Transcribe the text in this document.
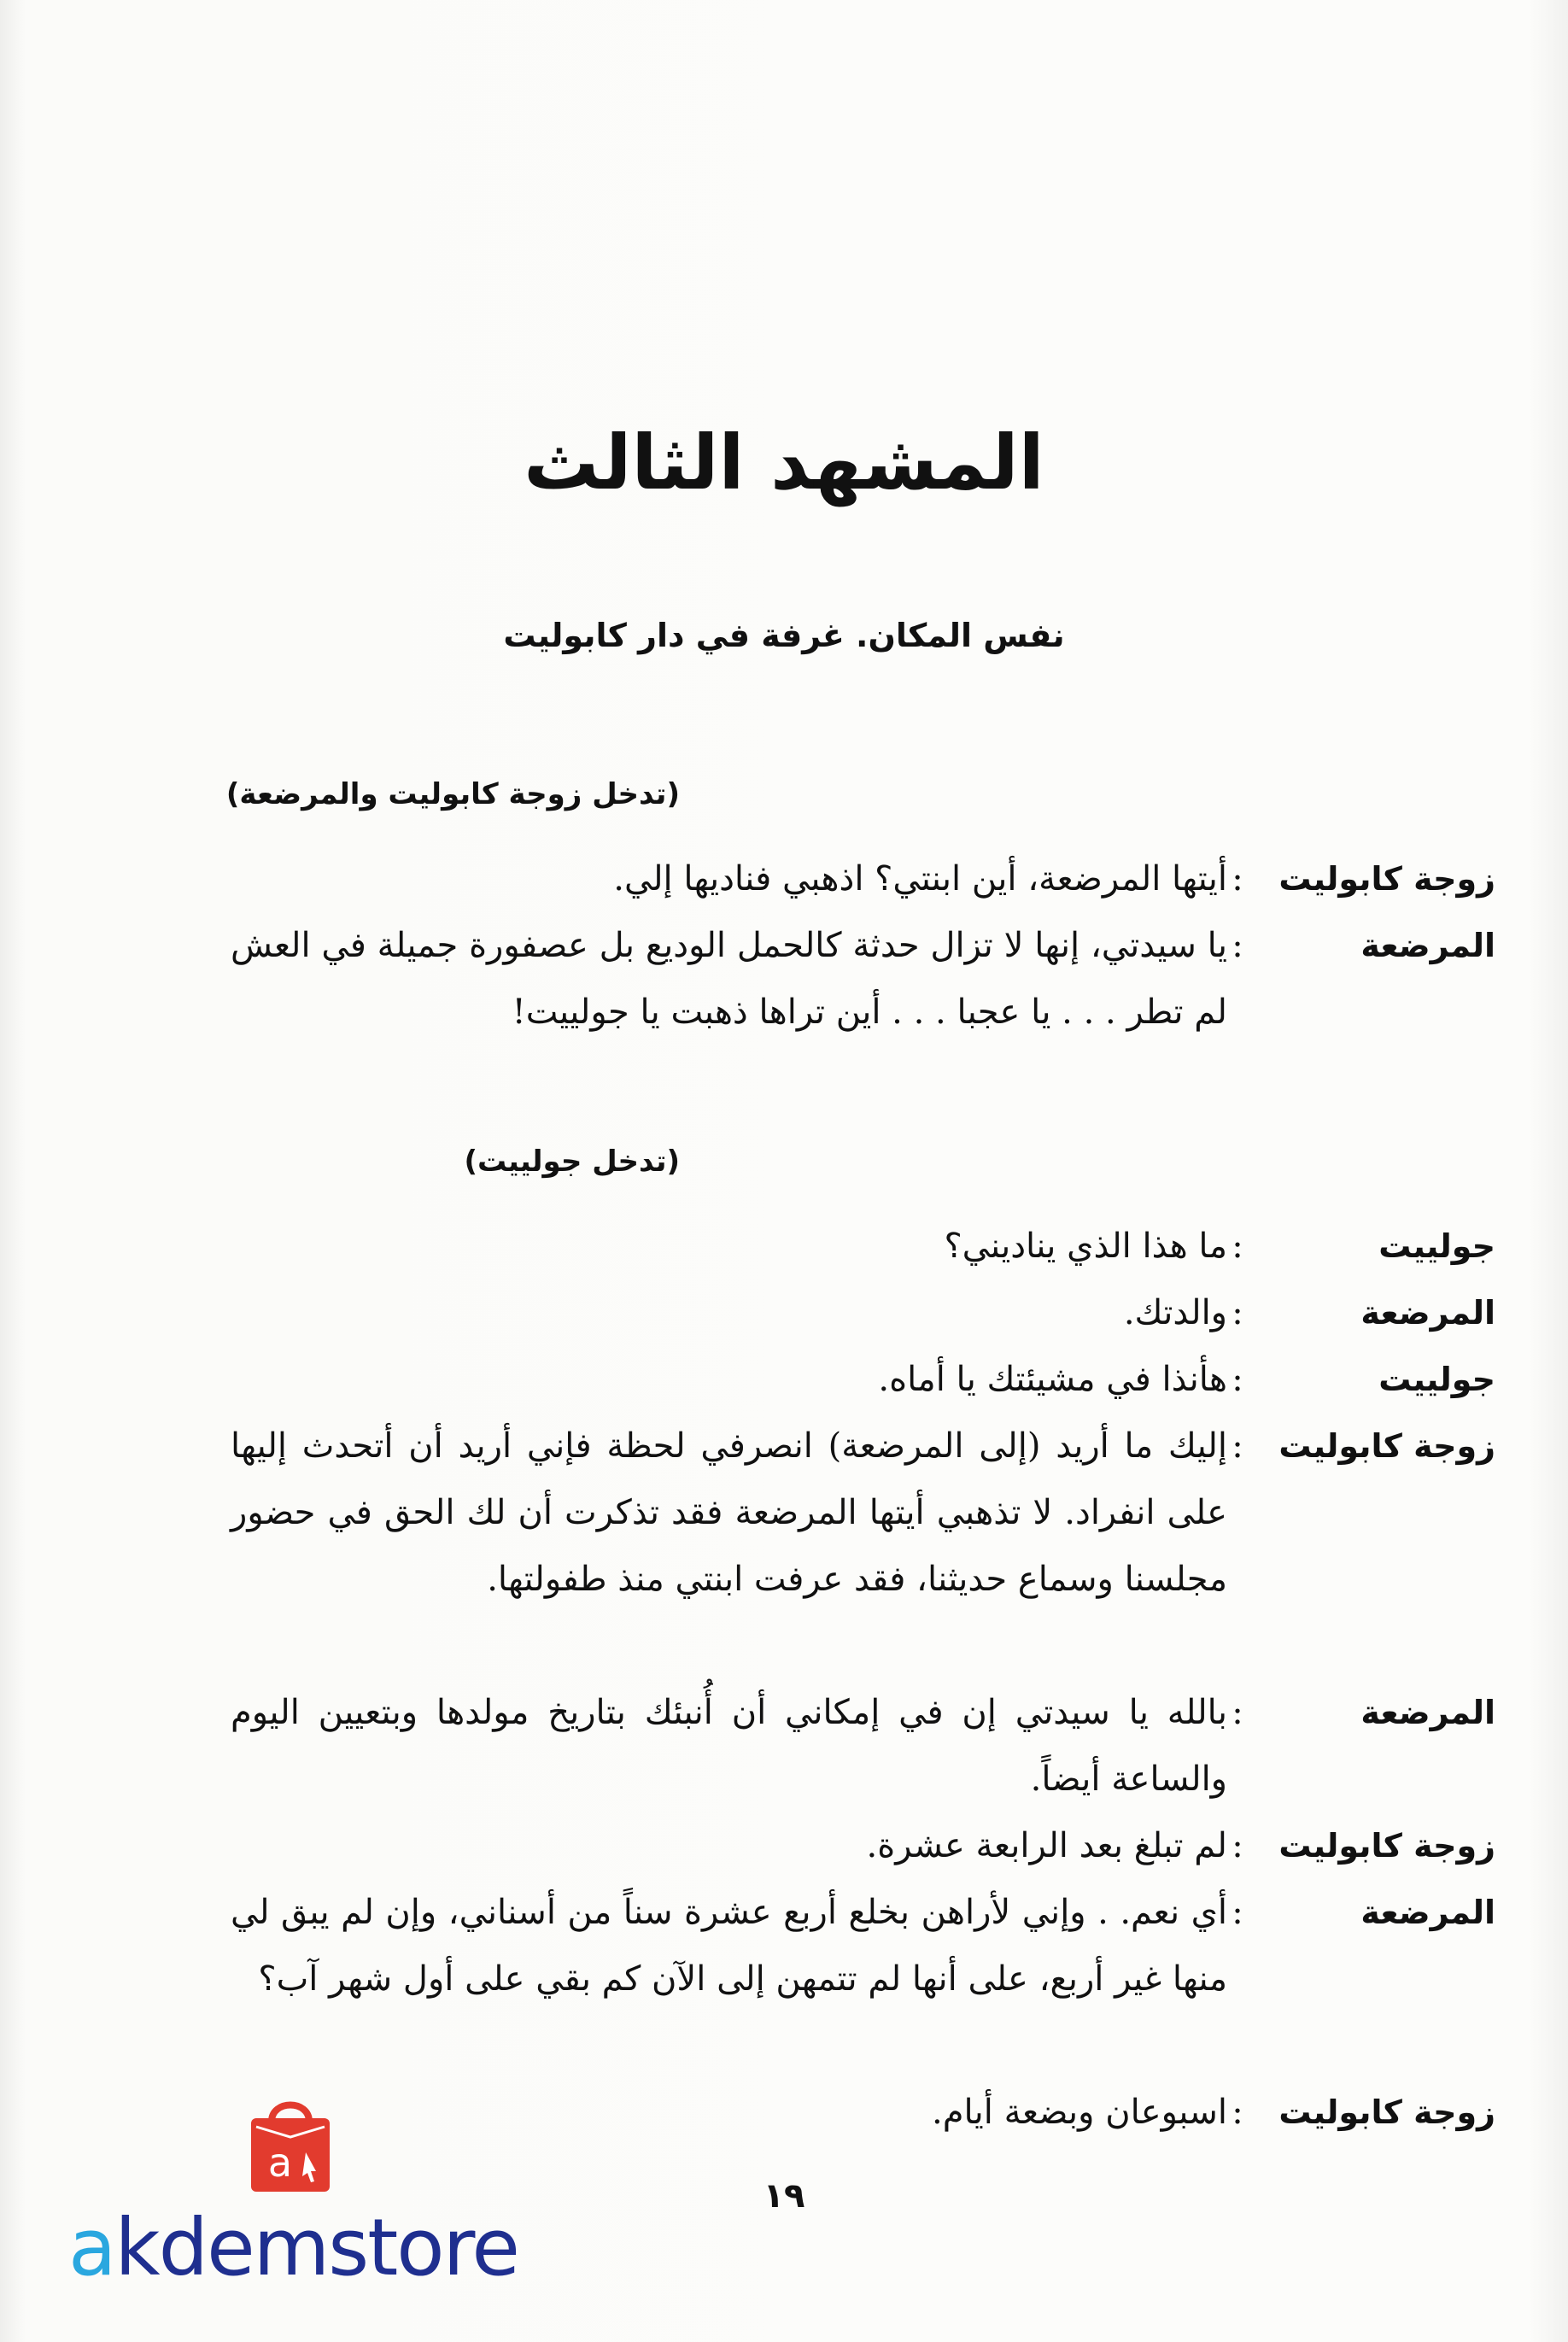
المشهد الثالث
نفس المكان. غرفة في دار كابوليت
(تدخل زوجة كابوليت والمرضعة)
زوجة كابوليت
:
أيتها المرضعة، أين ابنتي؟ اذهبي فناديها إلي.
المرضعة
:
يا سيدتي، إنها لا تزال حدثة كالحمل الوديع بل عصفورة جميلة في العش لم تطر . . . يا عجبا . . . أين تراها ذهبت يا جولييت!
(تدخل جولييت)
جولييت
:
ما هذا الذي يناديني؟
المرضعة
:
والدتك.
جولييت
:
هأنذا في مشيئتك يا أماه.
زوجة كابوليت
:
إليك ما أريد (إلى المرضعة) انصرفي لحظة فإني أريد أن أتحدث إليها على انفراد. لا تذهبي أيتها المرضعة فقد تذكرت أن لك الحق في حضور مجلسنا وسماع حديثنا، فقد عرفت ابنتي منذ طفولتها.
المرضعة
:
بالله يا سيدتي إن في إمكاني أن أُنبئك بتاريخ مولدها وبتعيين اليوم والساعة أيضاً.
زوجة كابوليت
:
لم تبلغ بعد الرابعة عشرة.
المرضعة
:
أي نعم. . وإني لأراهن بخلع أربع عشرة سناً من أسناني، وإن لم يبق لي منها غير أربع، على أنها لم تتمهن إلى الآن كم بقي على أول شهر آب؟
زوجة كابوليت
:
اسبوعان وبضعة أيام.
١٩
a
akdemstore
